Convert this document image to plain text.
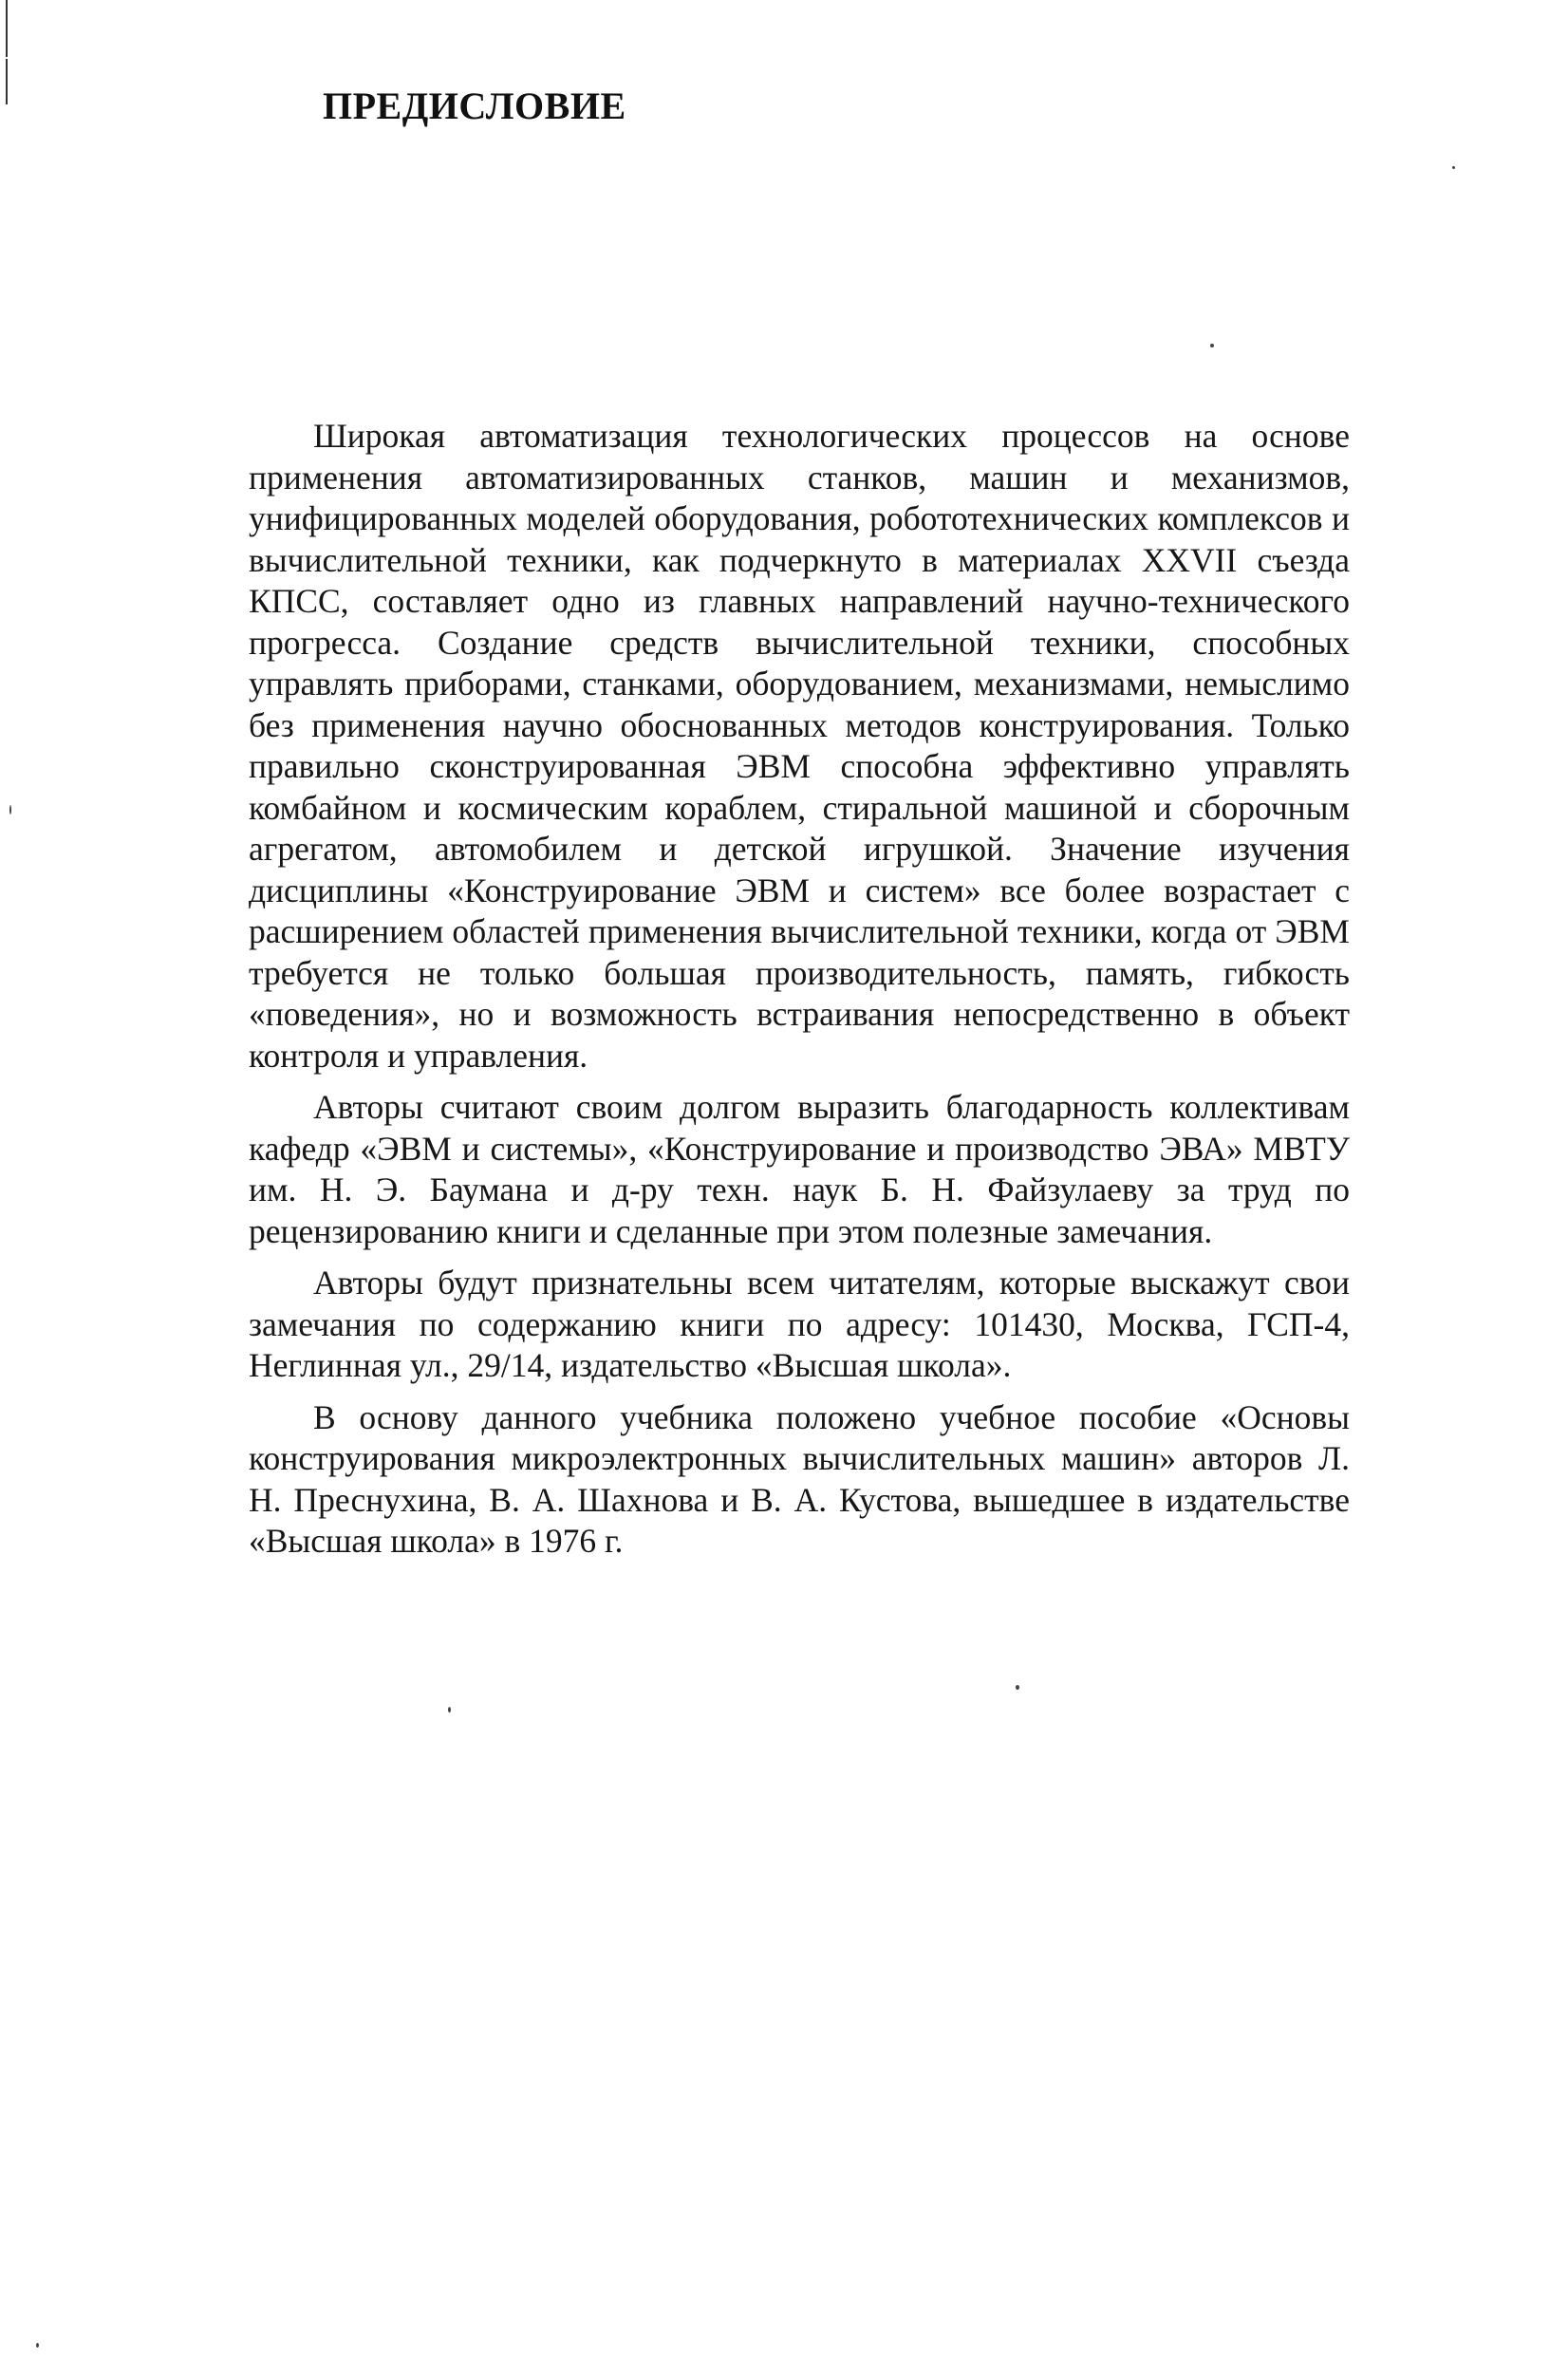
ПРЕДИСЛОВИЕ

Широкая автоматизация технологических процессов на основе применения автоматизированных станков, машин и механизмов, унифицированных моделей оборудования, робототехнических комплексов и вычислительной техники, как подчеркнуто в материалах XXVII съезда КПСС, составляет одно из главных направлений научно-технического прогресса. Создание средств вычислительной техники, способных управлять приборами, станками, оборудованием, механизмами, немыслимо без применения научно обоснованных методов конструирования. Только правильно сконструированная ЭВМ способна эффективно управлять комбайном и космическим кораблем, стиральной машиной и сборочным агрегатом, автомобилем и детской игрушкой. Значение изучения дисциплины «Конструирование ЭВМ и систем» все более возрастает с расширением областей применения вычислительной техники, когда от ЭВМ требуется не только большая производительность, память, гибкость «поведения», но и возможность встраивания непосредственно в объект контроля и управления.

Авторы считают своим долгом выразить благодарность коллективам кафедр «ЭВМ и системы», «Конструирование и производство ЭВА» МВТУ им. Н. Э. Баумана и д-ру техн. наук Б. Н. Файзулаеву за труд по рецензированию книги и сделанные при этом полезные замечания.

Авторы будут признательны всем читателям, которые выскажут свои замечания по содержанию книги по адресу: 101430, Москва, ГСП-4, Неглинная ул., 29/14, издательство «Высшая школа».

В основу данного учебника положено учебное пособие «Основы конструирования микроэлектронных вычислительных машин» авторов Л. Н. Преснухина, В. А. Шахнова и В. А. Кустова, вышедшее в издательстве «Высшая школа» в 1976 г.
